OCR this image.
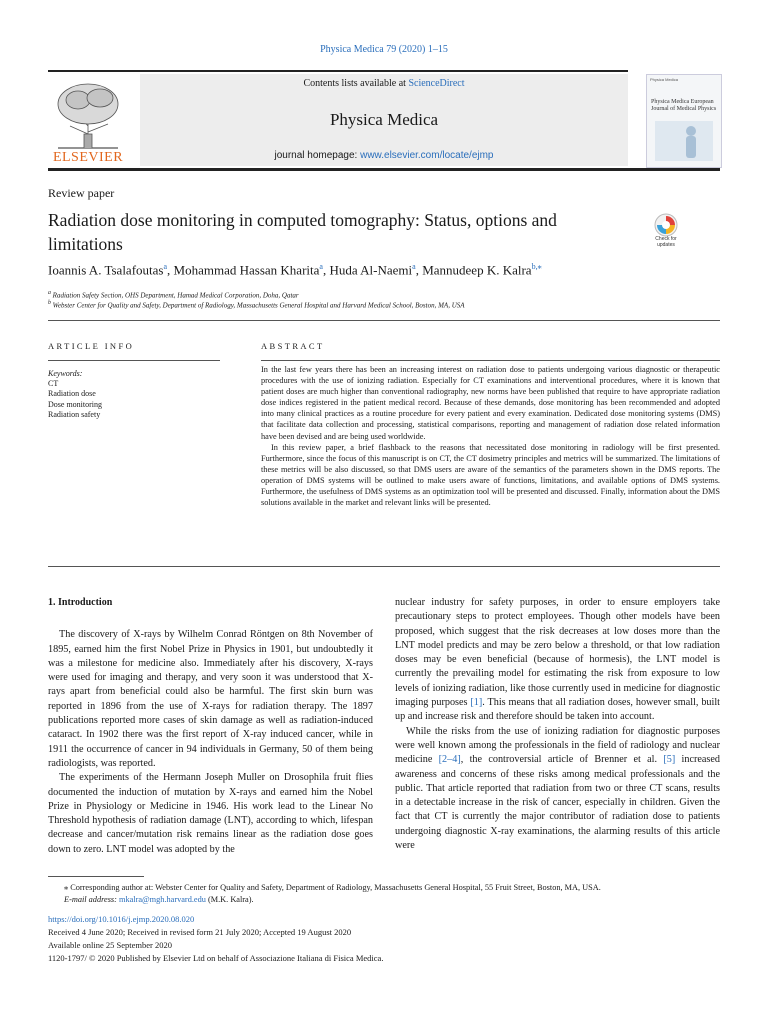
Physica Medica 79 (2020) 1–15
ELSEVIER
Contents lists available at ScienceDirect
Physica Medica
journal homepage: www.elsevier.com/locate/ejmp
Physica Medica
Physica Medica European Journal of Medical Physics
Review paper
Radiation dose monitoring in computed tomography: Status, options and limitations	Check for updates
Ioannis A. Tsalafoutas$^a$, Mohammad Hassan Kharita$^a$, Huda Al-Naemi$^a$, Mannudeep K. Kalra$^{b,⁎}$
$^a$ Radiation Safety Section, OHS Department, Hamad Medical Corporation, Doha, Qatar
$^b$ Webster Center for Quality and Safety, Department of Radiology, Massachusetts General Hospital and Harvard Medical School, Boston, MA, USA
ARTICLE INFO	ABSTRACT
Keywords:
CT
Radiation dose
Dose monitoring
Radiation safety

In the last few years there has been an increasing interest on radiation dose to patients undergoing various diagnostic or therapeutic procedures with the use of ionizing radiation. Especially for CT examinations and interventional procedures, where it is known that patient doses are much higher than conventional radiography, new norms have been published that require to have appropriate radiation dose indices registered in the patient medical record. Because of these demands, dose monitoring has been recommended and adopted into many clinical practices as a routine procedure for every patient and every examination. Dedicated dose monitoring systems (DMS) that facilitate data collection and processing, statistical comparisons, reporting and management of radiation dose related information have been devised and are being used worldwide.

In this review paper, a brief flashback to the reasons that necessitated dose monitoring in radiology will be first presented. Furthermore, since the focus of this manuscript is on CT, the CT dosimetry principles and metrics will be summarized. The limitations of these metrics will be also discussed, so that DMS users are aware of the semantics of the parameters shown in the DMS reports. The operation of DMS systems will be outlined to make users aware of functions, limitations, and available options of DMS systems. Furthermore, the usefulness of DMS systems as an optimization tool will be presented and discussed. Finally, information about the DMS solutions available in the market and relevant links will be presented.

1. Introduction

The discovery of X-rays by Wilhelm Conrad Röntgen on 8th November of 1895, earned him the first Nobel Prize in Physics in 1901, but undoubtedly it was a milestone for medicine also. Immediately after his discovery, X-rays were used for imaging and therapy, and very soon it was understood that X-rays apart from beneficial could also be harmful. The first skin burn was reported in 1896 from the use of X-rays for radiation therapy. The 1897 publications reported more cases of skin damage as well as radiation-induced cataract. In 1902 there was the first report of X-ray induced cancer, while in 1911 the occurrence of cancer in 94 individuals in Germany, 50 of them being radiologists, was reported.

The experiments of the Hermann Joseph Muller on Drosophila fruit flies documented the induction of mutation by X-rays and earned him the Nobel Prize in Physiology or Medicine in 1946. His work lead to the Linear No Threshold hypothesis of radiation damage (LNT), according to which, lifespan decrease and cancer/mutation risk remains linear as the radiation dose goes down to zero. LNT model was adopted by the

nuclear industry for safety purposes, in order to ensure employers take precautionary steps to protect employees. Though other models have been proposed, which suggest that the risk decreases at low doses more than the LNT model predicts and may be zero below a threshold, or that low radiation doses may be even beneficial (because of hormesis), the LNT model is currently the prevailing model for estimating the risk from exposure to low levels of ionizing radiation, like those currently used in medicine for diagnostic imaging purposes [1]. This means that all radiation doses, however small, built up and increase risk and therefore should be taken into account.

While the risks from the use of ionizing radiation for diagnostic purposes were well known among the professionals in the field of radiology and nuclear medicine [2–4], the controversial article of Brenner et al. [5] increased awareness and concerns of these risks among medical professionals and the public. That article reported that radiation from two or three CT scans, results in a detectable increase in the risk of cancer, especially in children. Given the fact that CT is currently the major contributor of radiation dose to patients undergoing diagnostic X-ray examinations, the alarming results of this article were

⁎ Corresponding author at: Webster Center for Quality and Safety, Department of Radiology, Massachusetts General Hospital, 55 Fruit Street, Boston, MA, USA.
E-mail address: mkalra@mgh.harvard.edu (M.K. Kalra).
https://doi.org/10.1016/j.ejmp.2020.08.020
Received 4 June 2020; Received in revised form 21 July 2020; Accepted 19 August 2020
Available online 25 September 2020
1120-1797/ © 2020 Published by Elsevier Ltd on behalf of Associazione Italiana di Fisica Medica.
